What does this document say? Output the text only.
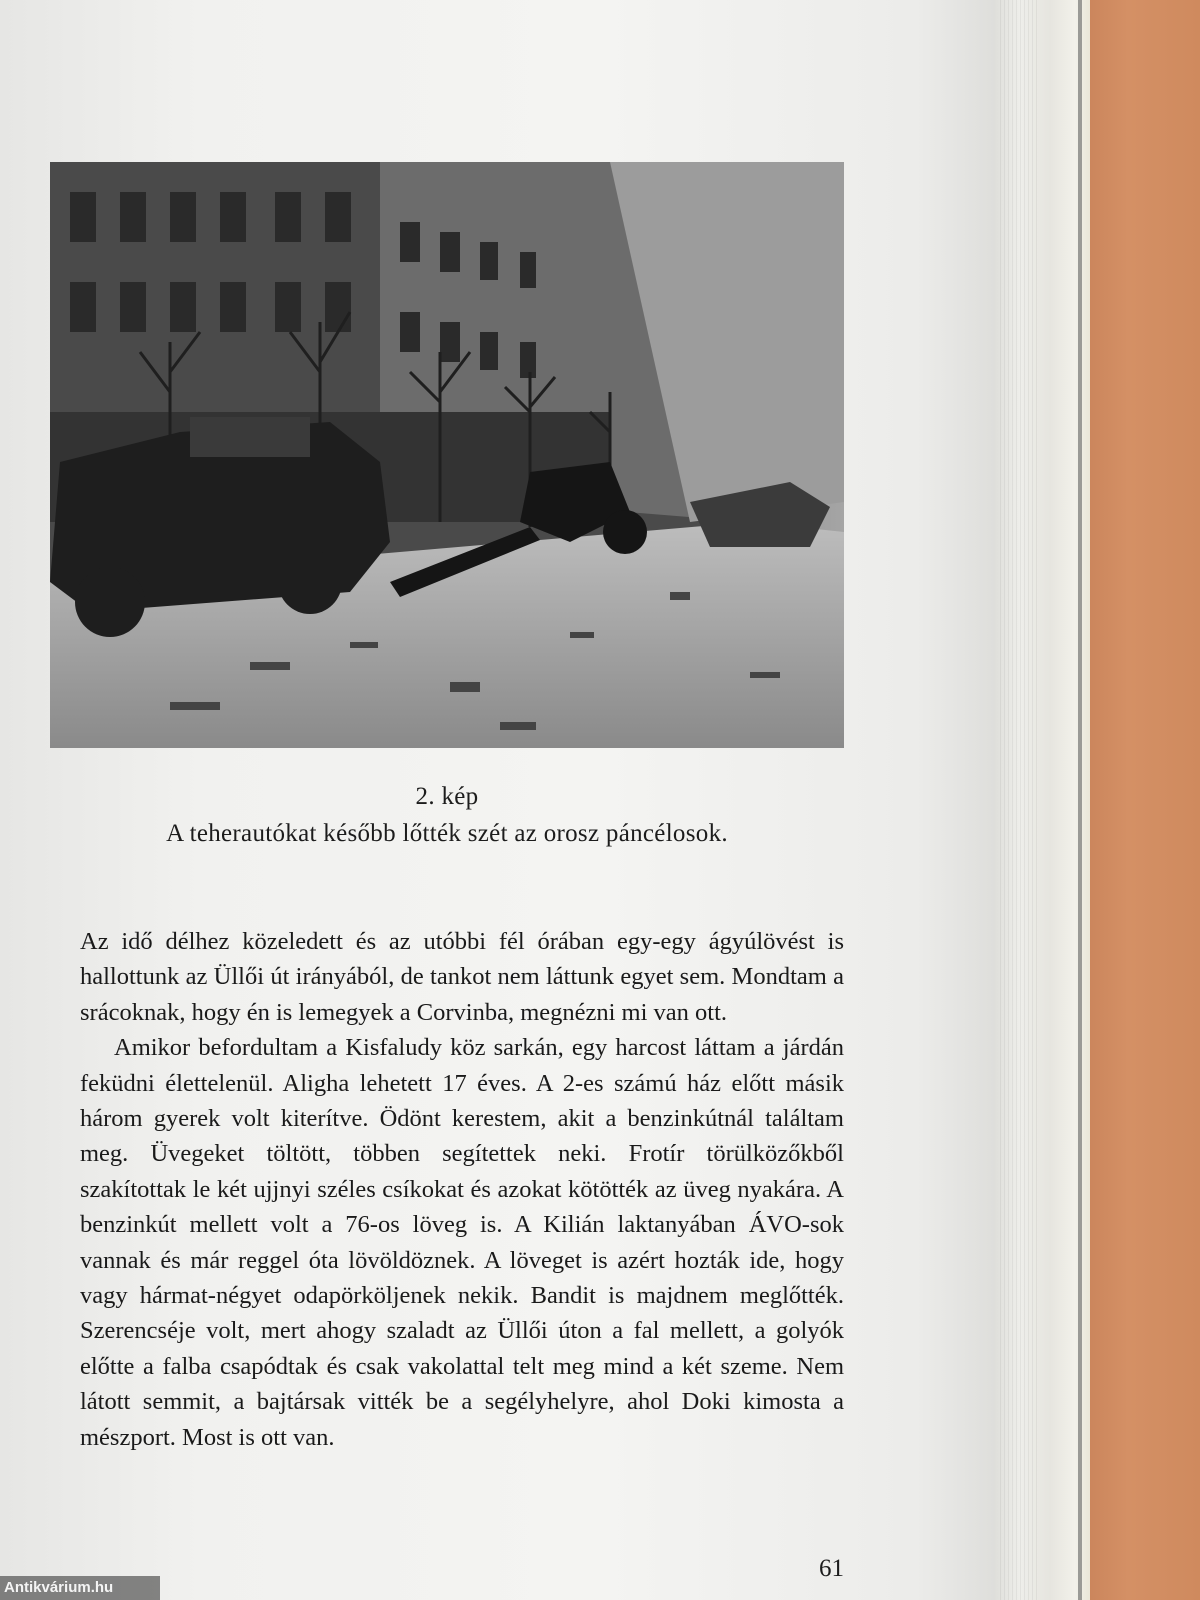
2. kép
A teherautókat később lőtték szét az orosz páncélosok.

Az idő délhez közeledett és az utóbbi fél órában egy-egy ágyúlövést is hallottunk az Üllői út irányából, de tankot nem láttunk egyet sem. Mondtam a srácoknak, hogy én is lemegyek a Corvinba, megnézni mi van ott.

Amikor befordultam a Kisfaludy köz sarkán, egy harcost láttam a járdán feküdni élettelenül. Aligha lehetett 17 éves. A 2-es számú ház előtt másik három gyerek volt kiterítve. Ödönt kerestem, akit a benzinkútnál találtam meg. Üvegeket töltött, többen segítettek neki. Frotír törülközőkből szakítottak le két ujjnyi széles csíkokat és azokat kötötték az üveg nyakára. A benzinkút mellett volt a 76-os löveg is. A Kilián laktanyában ÁVO-sok vannak és már reggel óta lövöldöznek. A löveget is azért hozták ide, hogy vagy hármat-négyet odapörköljenek nekik. Bandit is majdnem meglőtték. Szerencséje volt, mert ahogy szaladt az Üllői úton a fal mellett, a golyók előtte a falba csapódtak és csak vakolattal telt meg mind a két szeme. Nem látott semmit, a bajtársak vitték be a segélyhelyre, ahol Doki kimosta a mészport. Most is ott van.

61
Antikvárium.hu
